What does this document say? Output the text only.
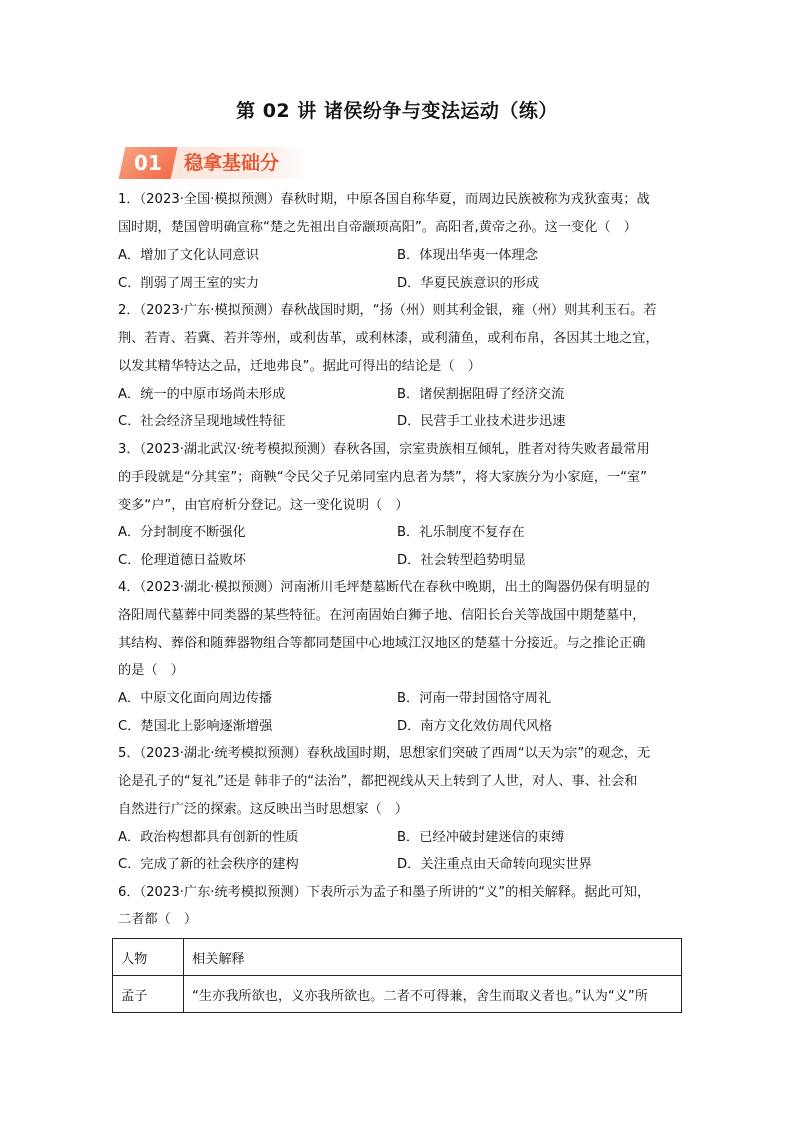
第 02 讲 诸侯纷争与变法运动（练）
01	稳拿基础分
1．（2023·全国·模拟预测）春秋时期，中原各国自称华夏，而周边民族被称为戎狄蛮夷；战
国时期，楚国曾明确宣称“楚之先祖出自帝颛顼高阳”。高阳者,黄帝之孙。这一变化（　）
A．增加了文化认同意识	B．体现出华夷一体理念
C．削弱了周王室的实力	D．华夏民族意识的形成
2．（2023·广东·模拟预测）春秋战国时期，“扬（州）则其利金银，雍（州）则其利玉石。若
荆、若青、若冀、若并等州，或利齿革，或利林漆，或利蒲鱼，或利布帛，各因其土地之宜，
以发其精华特达之品，迁地弗良”。据此可得出的结论是（　）
A．统一的中原市场尚未形成	B．诸侯割据阻碍了经济交流
C．社会经济呈现地域性特征	D．民营手工业技术进步迅速
3．（2023·湖北武汉·统考模拟预测）春秋各国，宗室贵族相互倾轧，胜者对待失败者最常用
的手段就是“分其室”；商鞅“令民父子兄弟同室内息者为禁”，将大家族分为小家庭，一“室”
变多“户”，由官府析分登记。这一变化说明（　）
A．分封制度不断强化	B．礼乐制度不复存在
C．伦理道德日益败坏	D．社会转型趋势明显
4．（2023·湖北·模拟预测）河南淅川毛坪楚墓断代在春秋中晚期，出土的陶器仍保有明显的
洛阳周代墓葬中同类器的某些特征。在河南固始白狮子地、信阳长台关等战国中期楚墓中，
其结构、葬俗和随葬器物组合等都同楚国中心地域江汉地区的楚墓十分接近。与之推论正确
的是（　）
A．中原文化面向周边传播	B．河南一带封国恪守周礼
C．楚国北上影响逐渐增强	D．南方文化效仿周代风格
5．（2023·湖北·统考模拟预测）春秋战国时期，思想家们突破了西周“以天为宗”的观念，无
论是孔子的“复礼”还是 韩非子的“法治”，都把视线从天上转到了人世，对人、事、社会和
自然进行广泛的探索。这反映出当时思想家（　）
A．政治构想都具有创新的性质	B．已经冲破封建迷信的束缚
C．完成了新的社会秩序的建构	D．关注重点由天命转向现实世界
6．（2023·广东·统考模拟预测）下表所示为孟子和墨子所讲的“义”的相关解释。据此可知，
二者都（　）
人物	相关解释
孟子	“生亦我所欲也，义亦我所欲也。二者不可得兼，舍生而取义者也。”认为“义”所
